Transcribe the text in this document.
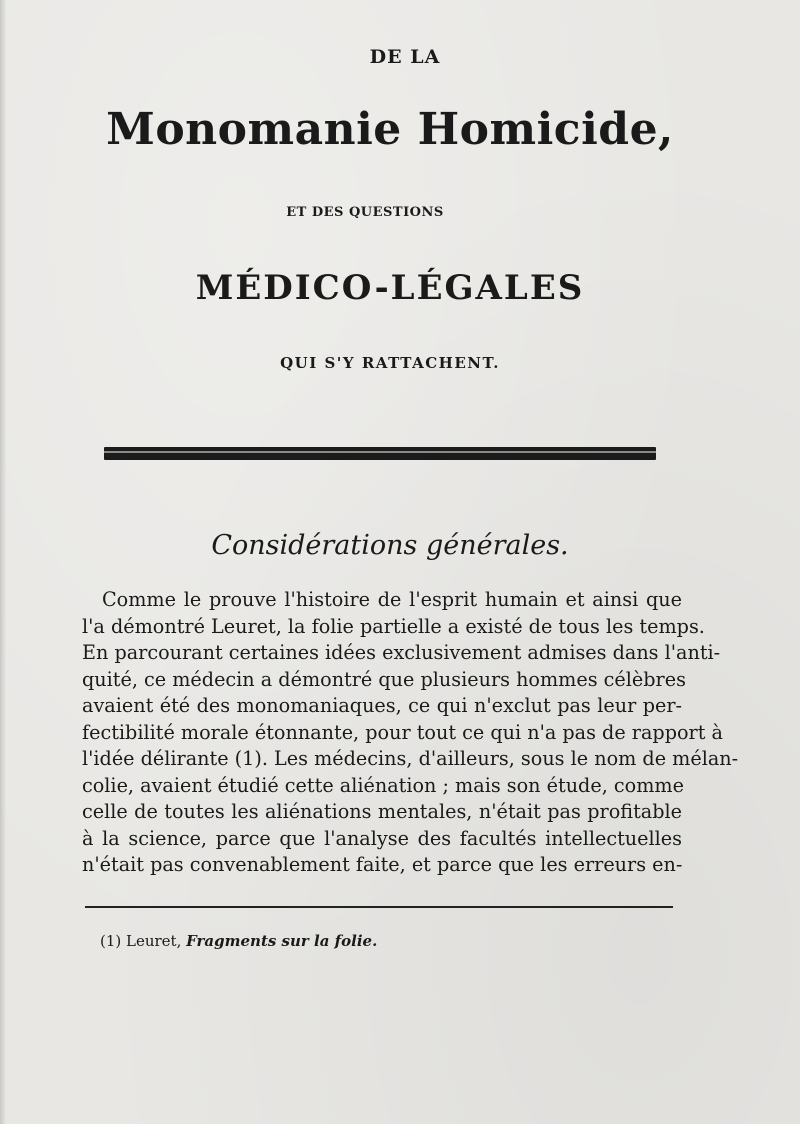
DE LA
Monomanie Homicide,
ET DES QUESTIONS
MÉDICO-LÉGALES
QUI S'Y RATTACHENT.
Considérations générales.
Comme le prouve l'histoire de l'esprit humain et ainsi que
l'a démontré Leuret, la folie partielle a existé de tous les temps.
En parcourant certaines idées exclusivement admises dans l'anti-
quité, ce médecin a démontré que plusieurs hommes célèbres
avaient été des monomaniaques, ce qui n'exclut pas leur per-
fectibilité morale étonnante, pour tout ce qui n'a pas de rapport à
l'idée délirante (1). Les médecins, d'ailleurs, sous le nom de mélan-
colie, avaient étudié cette aliénation ; mais son étude, comme
celle de toutes les aliénations mentales, n'était pas profitable
à la science, parce que l'analyse des facultés intellectuelles
n'était pas convenablement faite, et parce que les erreurs en-
(1) Leuret, Fragments sur la folie.
